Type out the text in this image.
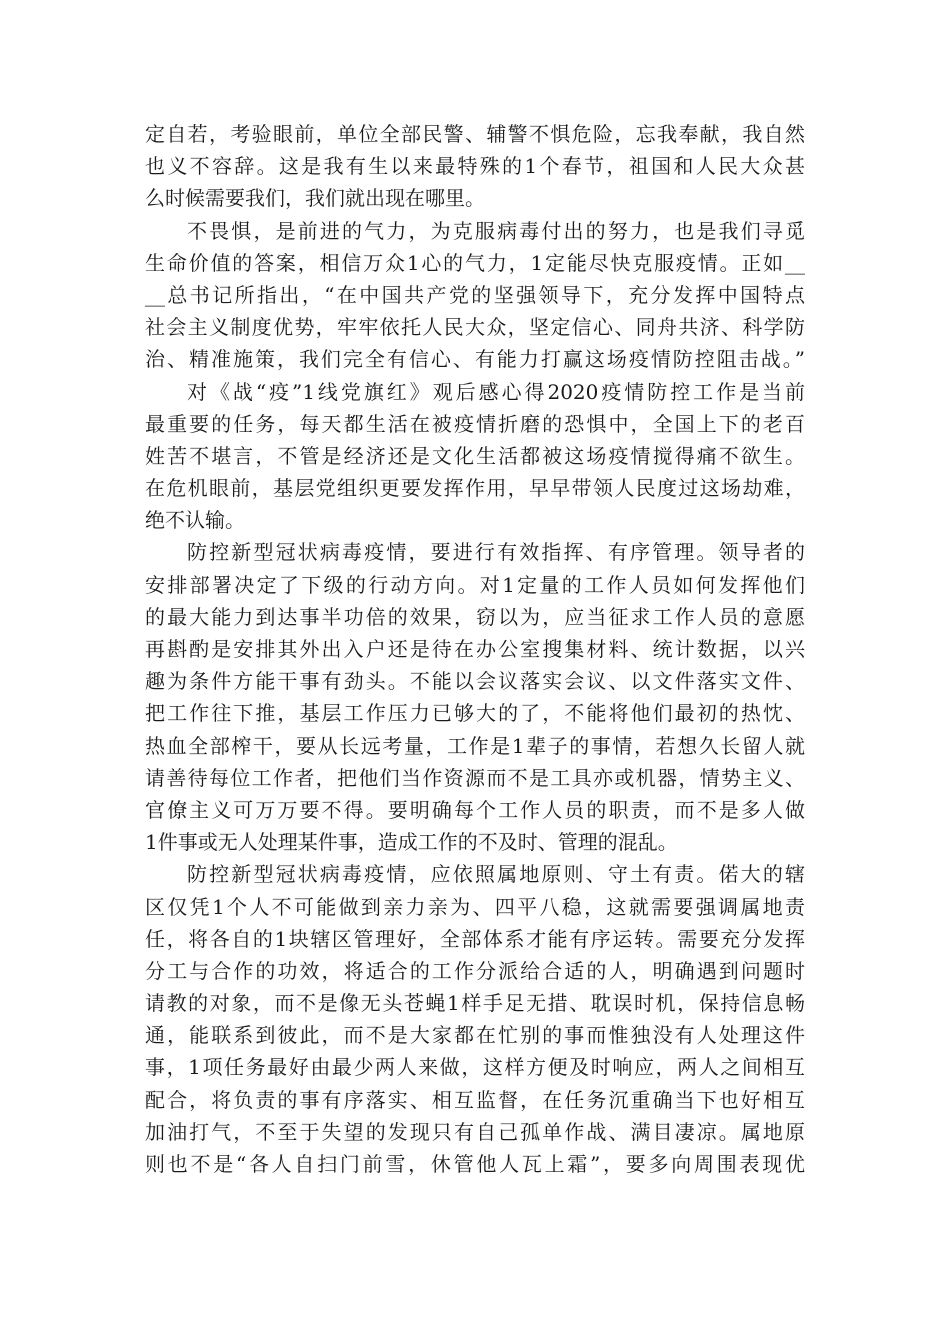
定自若，考验眼前，单位全部民警、辅警不惧危险，忘我奉献，我自然
也义不容辞。这是我有生以来最特殊的1个春节，祖国和人民大众甚
么时候需要我们，我们就出现在哪里。
不畏惧，是前进的气力，为克服病毒付出的努力，也是我们寻觅
生命价值的答案，相信万众1心的气力，1定能尽快克服疫情。正如__
__总书记所指出，“在中国共产党的坚强领导下，充分发挥中国特点
社会主义制度优势，牢牢依托人民大众，坚定信心、同舟共济、科学防
治、精准施策，我们完全有信心、有能力打赢这场疫情防控阻击战。”
对《战“疫”1线党旗红》观后感心得2020疫情防控工作是当前
最重要的任务，每天都生活在被疫情折磨的恐惧中，全国上下的老百
姓苦不堪言，不管是经济还是文化生活都被这场疫情搅得痛不欲生。
在危机眼前，基层党组织更要发挥作用，早早带领人民度过这场劫难，
绝不认输。
防控新型冠状病毒疫情，要进行有效指挥、有序管理。领导者的
安排部署决定了下级的行动方向。对1定量的工作人员如何发挥他们
的最大能力到达事半功倍的效果，窃以为，应当征求工作人员的意愿
再斟酌是安排其外出入户还是待在办公室搜集材料、统计数据，以兴
趣为条件方能干事有劲头。不能以会议落实会议、以文件落实文件、
把工作往下推，基层工作压力已够大的了，不能将他们最初的热忱、
热血全部榨干，要从长远考量，工作是1辈子的事情，若想久长留人就
请善待每位工作者，把他们当作资源而不是工具亦或机器，情势主义、
官僚主义可万万要不得。要明确每个工作人员的职责，而不是多人做
1件事或无人处理某件事，造成工作的不及时、管理的混乱。
防控新型冠状病毒疫情，应依照属地原则、守土有责。偌大的辖
区仅凭1个人不可能做到亲力亲为、四平八稳，这就需要强调属地责
任，将各自的1块辖区管理好，全部体系才能有序运转。需要充分发挥
分工与合作的功效，将适合的工作分派给合适的人，明确遇到问题时
请教的对象，而不是像无头苍蝇1样手足无措、耽误时机，保持信息畅
通，能联系到彼此，而不是大家都在忙别的事而惟独没有人处理这件
事，1项任务最好由最少两人来做，这样方便及时响应，两人之间相互
配合，将负责的事有序落实、相互监督，在任务沉重确当下也好相互
加油打气，不至于失望的发现只有自己孤单作战、满目凄凉。属地原
则也不是“各人自扫门前雪，休管他人瓦上霜”，要多向周围表现优
